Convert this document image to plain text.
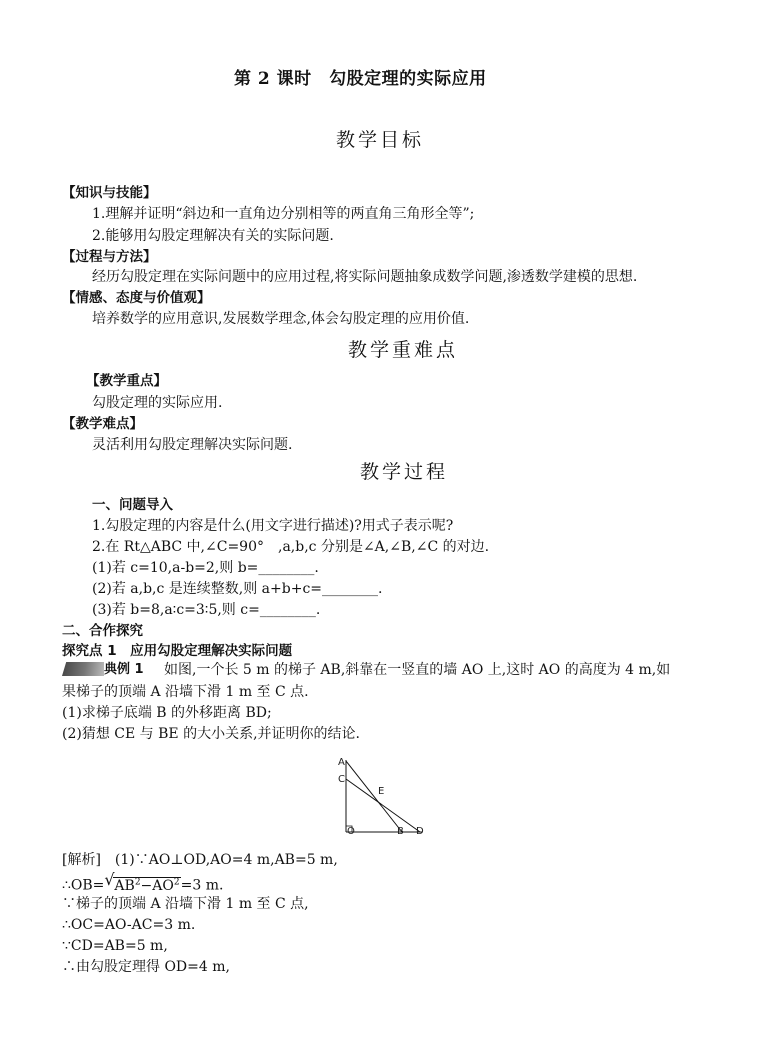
第 2 课时　勾股定理的实际应用
教学目标
【知识与技能】
1.理解并证明“斜边和一直角边分别相等的两直角三角形全等”;
2.能够用勾股定理解决有关的实际问题.
【过程与方法】
经历勾股定理在实际问题中的应用过程,将实际问题抽象成数学问题,渗透数学建模的思想.
【情感、态度与价值观】
培养数学的应用意识,发展数学理念,体会勾股定理的应用价值.
教学重难点
【教学重点】
勾股定理的实际应用.
【教学难点】
灵活利用勾股定理解决实际问题.
教学过程
一、问题导入
1.勾股定理的内容是什么(用文字进行描述)?用式子表示呢?
2.在 Rt△ABC 中,∠C=90°　,a,b,c 分别是∠A,∠B,∠C 的对边.
(1)若 c=10,a-b=2,则 b=________.
(2)若 a,b,c 是连续整数,则 a+b+c=________.
(3)若 b=8,a∶c=3∶5,则 c=________.
二、合作探究
探究点 1　应用勾股定理解决实际问题
典例 1 　如图,一个长 5 m 的梯子 AB,斜靠在一竖直的墙 AO 上,这时 AO 的高度为 4 m,如
果梯子的顶端 A 沿墙下滑 1 m 至 C 点.
(1)求梯子底端 B 的外移距离 BD;
(2)猜想 CE 与 BE 的大小关系,并证明你的结论.
A
C
E
O	B D
[解析]　(1)∵AO⊥OD,AO=4 m,AB=5 m,
∴OB= √ $AB^2-AO^2=3$ m.
∵梯子的顶端 A 沿墙下滑 1 m 至 C 点,
∴OC=AO-AC=3 m.
∵CD=AB=5 m,
∴由勾股定理得 OD=4 m,
